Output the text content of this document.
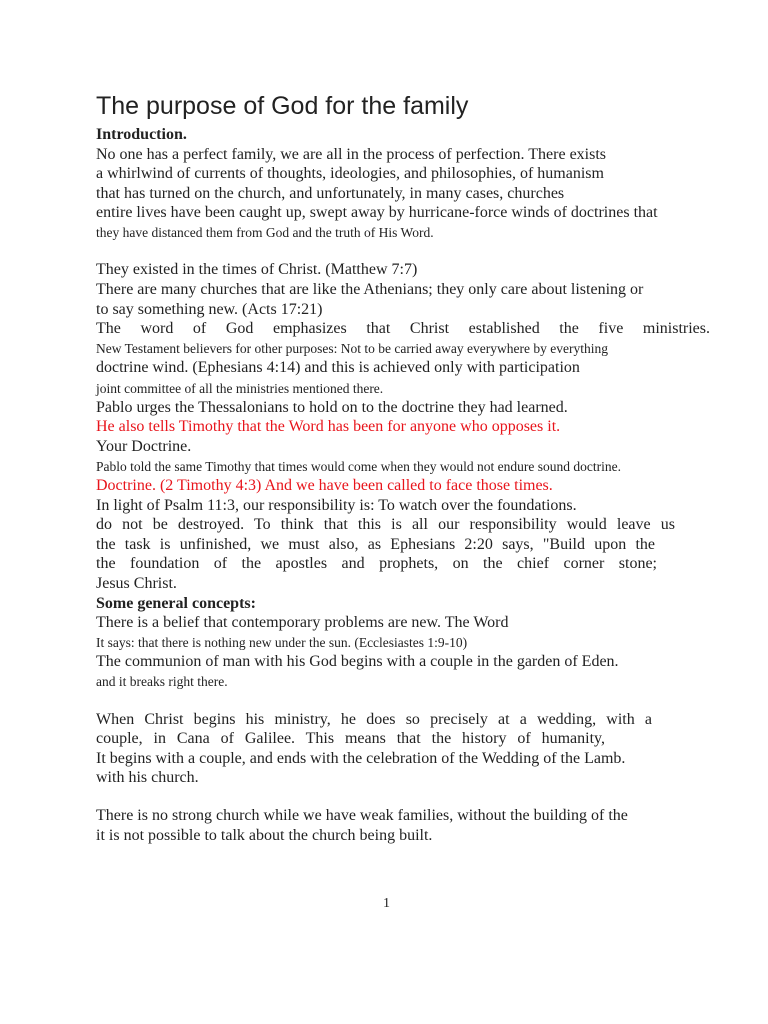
The purpose of God for the family
Introduction.
No one has a perfect family, we are all in the process of perfection. There exists
a whirlwind of currents of thoughts, ideologies, and philosophies, of humanism
that has turned on the church, and unfortunately, in many cases, churches
entire lives have been caught up, swept away by hurricane-force winds of doctrines that
they have distanced them from God and the truth of His Word.
They existed in the times of Christ. (Matthew 7:7)
There are many churches that are like the Athenians; they only care about listening or
to say something new. (Acts 17:21)
The word of God emphasizes that Christ established the five ministries.
New Testament believers for other purposes: Not to be carried away everywhere by everything
doctrine wind. (Ephesians 4:14) and this is achieved only with participation
joint committee of all the ministries mentioned there.
Pablo urges the Thessalonians to hold on to the doctrine they had learned.
He also tells Timothy that the Word has been for anyone who opposes it.
Your Doctrine.
Pablo told the same Timothy that times would come when they would not endure sound doctrine.
Doctrine. (2 Timothy 4:3) And we have been called to face those times.
In light of Psalm 11:3, our responsibility is: To watch over the foundations.
do not be destroyed. To think that this is all our responsibility would leave us
the task is unfinished, we must also, as Ephesians 2:20 says, "Build upon the
the foundation of the apostles and prophets, on the chief corner stone;
Jesus Christ.
Some general concepts:
There is a belief that contemporary problems are new. The Word
It says: that there is nothing new under the sun. (Ecclesiastes 1:9-10)
The communion of man with his God begins with a couple in the garden of Eden.
and it breaks right there.
When Christ begins his ministry, he does so precisely at a wedding, with a
couple, in Cana of Galilee. This means that the history of humanity,
It begins with a couple, and ends with the celebration of the Wedding of the Lamb.
with his church.
There is no strong church while we have weak families, without the building of the
it is not possible to talk about the church being built.
1
